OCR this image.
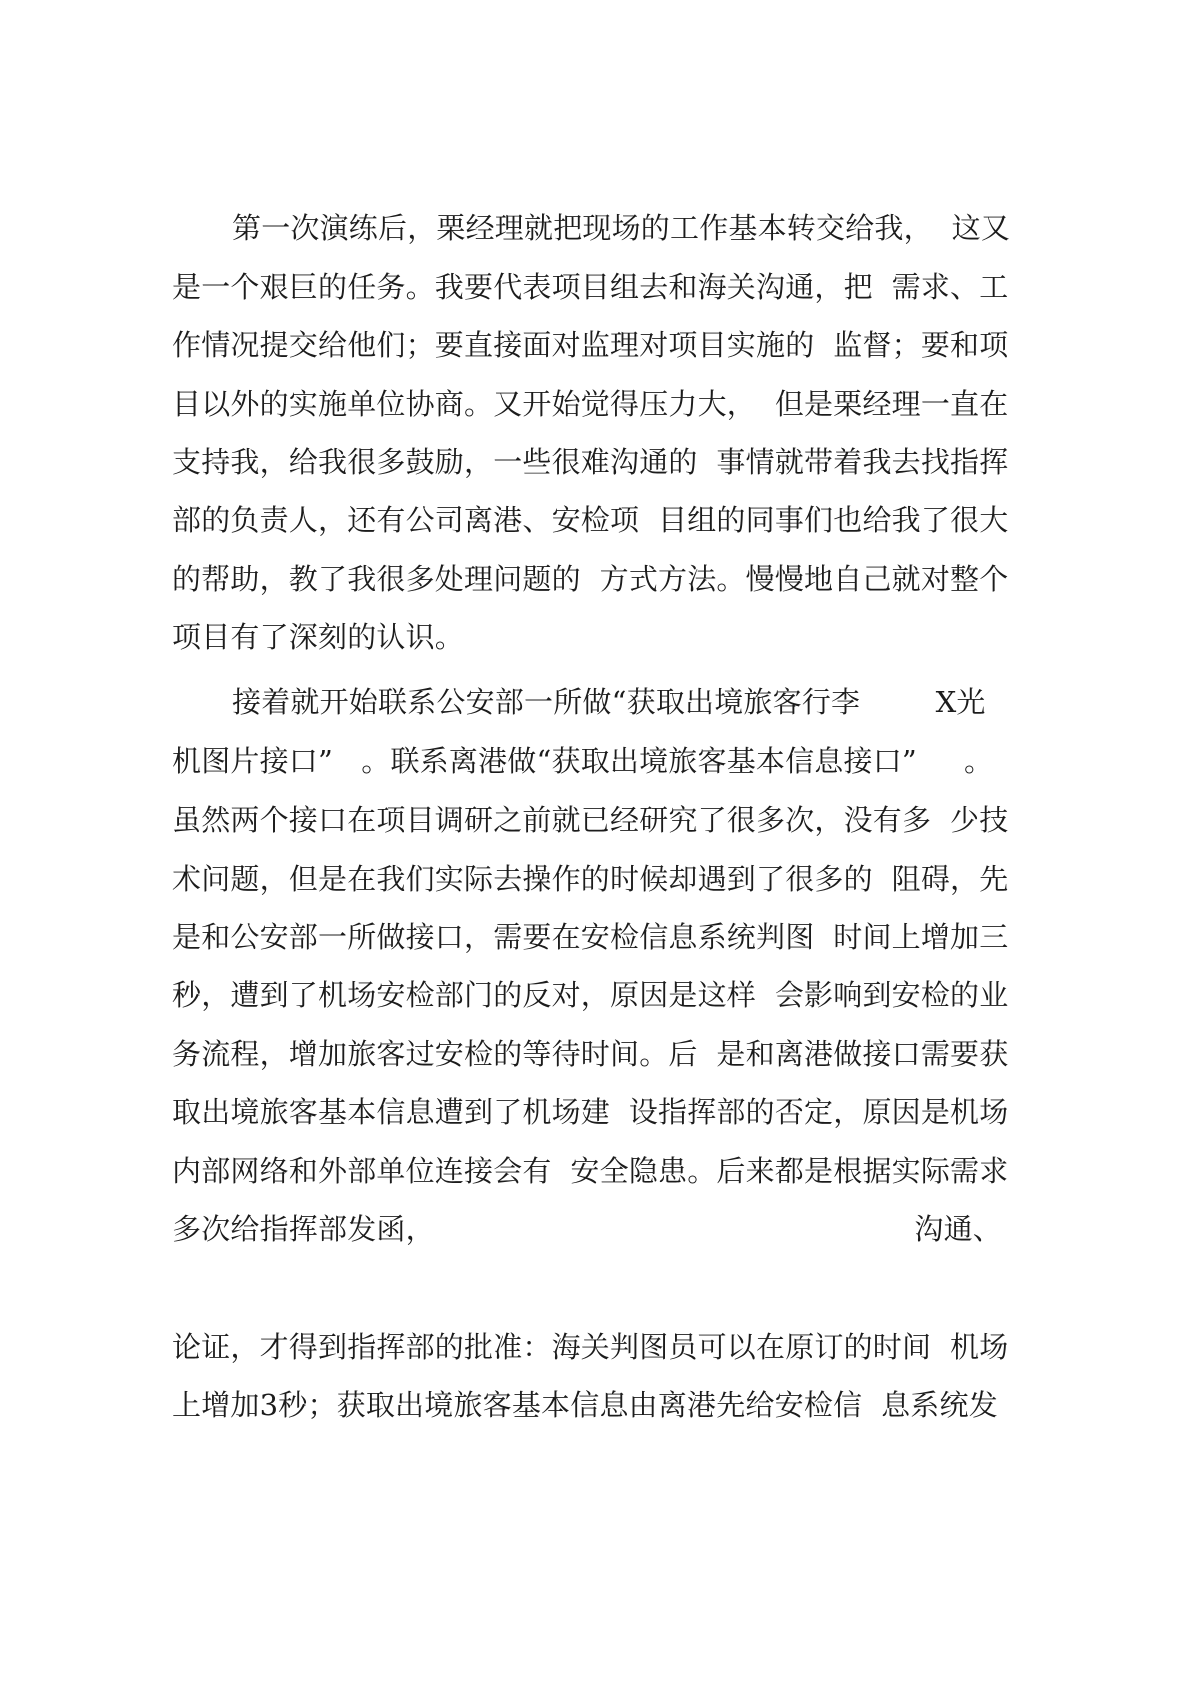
第一次演练后，栗经理就把现场的工作基本转交给我，  这又
是一个艰巨的任务。我要代表项目组去和海关沟通，把  需求、工
作情况提交给他们；要直接面对监理对项目实施的  监督；要和项
目以外的实施单位协商。又开始觉得压力大，  但是栗经理一直在
支持我，给我很多鼓励，一些很难沟通的  事情就带着我去找指挥
部的负责人，还有公司离港、安检项  目组的同事们也给我了很大
的帮助，教了我很多处理问题的  方式方法。慢慢地自己就对整个
项目有了深刻的认识。
接着就开始联系公安部一所做“获取出境旅客行李        X光
机图片接口”   。联系离港做“获取出境旅客基本信息接口”     。
虽然两个接口在项目调研之前就已经研究了很多次，没有多  少技
术问题，但是在我们实际去操作的时候却遇到了很多的  阻碍，先
是和公安部一所做接口，需要在安检信息系统判图  时间上增加三
秒，遭到了机场安检部门的反对，原因是这样  会影响到安检的业
务流程，增加旅客过安检的等待时间。后  是和离港做接口需要获
取出境旅客基本信息遭到了机场建  设指挥部的否定，原因是机场
内部网络和外部单位连接会有  安全隐患。后来都是根据实际需求
多次给指挥部发函，	沟通、
论证，才得到指挥部的批准：海关判图员可以在原订的时间  机场
上增加3秒；获取出境旅客基本信息由离港先给安检信  息系统发
